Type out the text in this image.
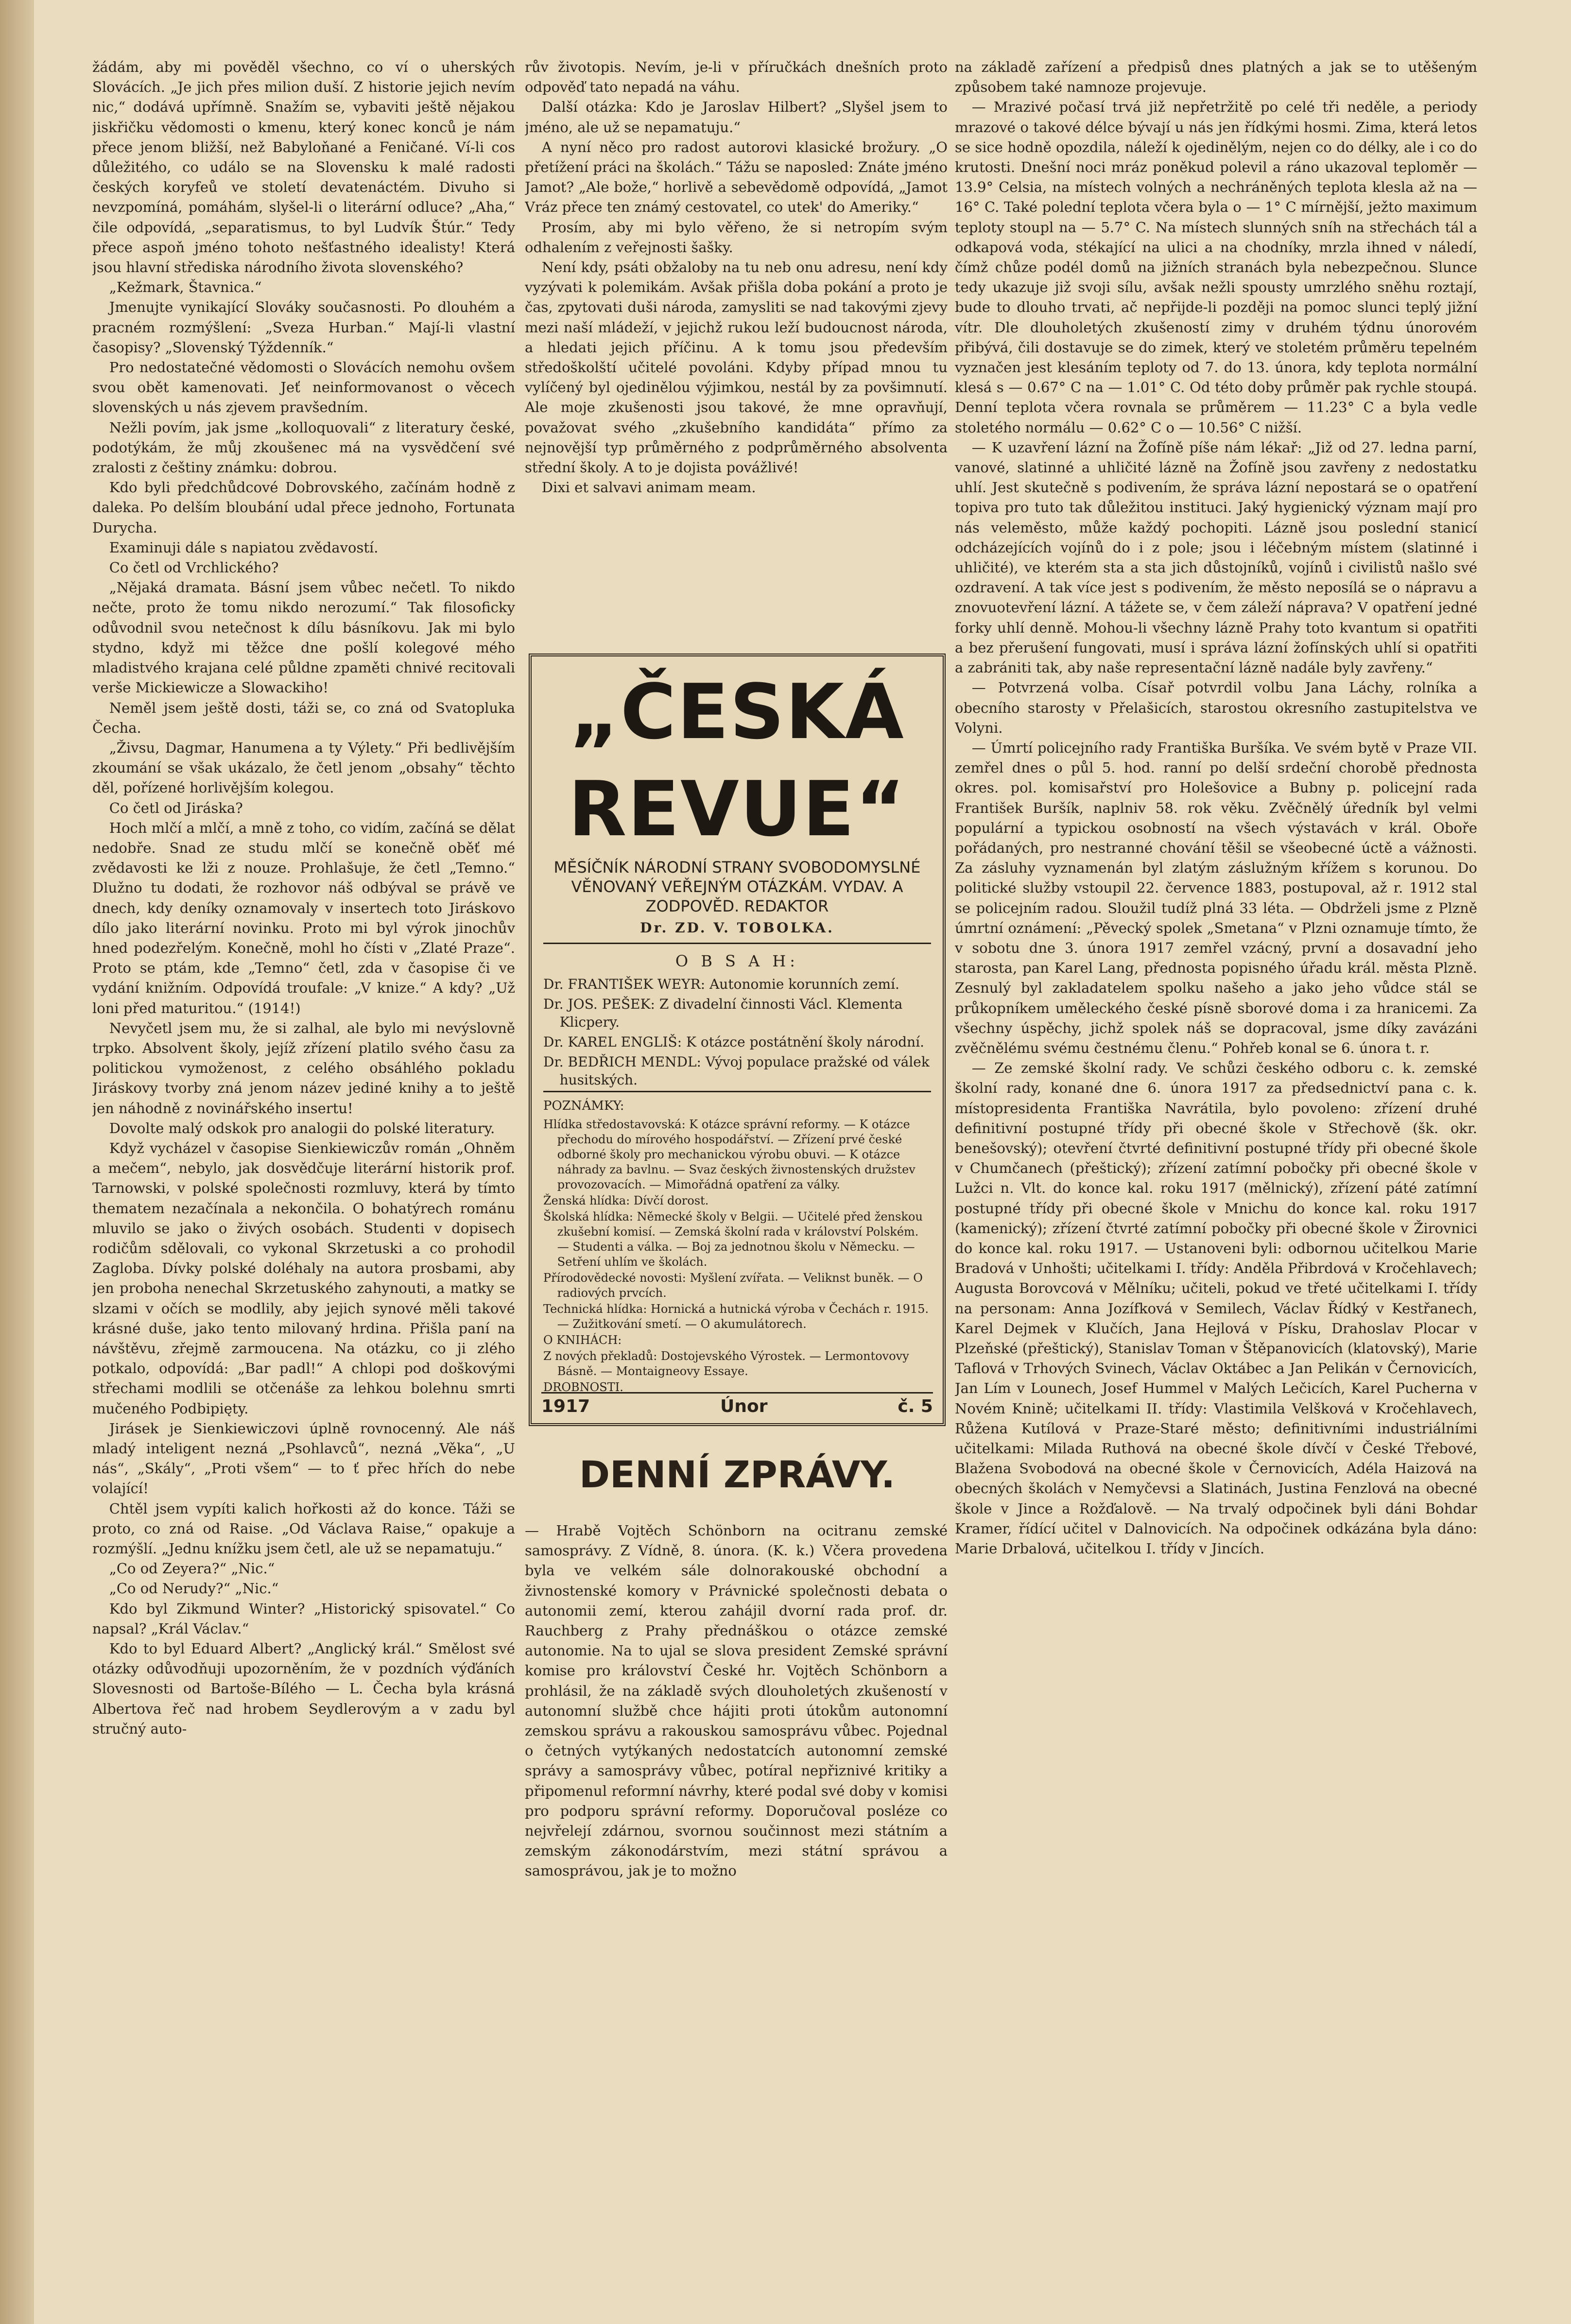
žádám, aby mi pověděl všechno, co ví o uherských Slovácích. „Je jich přes milion duší. Z historie jejich nevím nic,“ dodává upřímně. Snažím se, vybaviti ještě nějakou jiskřičku vědomosti o kmenu, který konec konců je nám přece jenom bližší, než Babyloňané a Feničané. Ví-li cos důležitého, co událo se na Slovensku k malé radosti českých koryfeů ve století devatenáctém. Divuho si nevzpomíná, pomáhám, slyšel-li o literární odluce? „Aha,“ čile odpovídá, „separatismus, to byl Ludvík Štúr.“ Tedy přece aspoň jméno tohoto nešťastného idealisty! Která jsou hlavní střediska národního života slovenského?

„Kežmark, Štavnica.“

Jmenujte vynikající Slováky současnosti. Po dlouhém a pracném rozmýšlení: „Sveza Hurban.“ Mají-li vlastní časopisy? „Slovenský Týždenník.“

Pro nedostatečné vědomosti o Slovácích nemohu ovšem svou obět kamenovati. Jeť neinformovanost o věcech slovenských u nás zjevem pravšedním.

Nežli povím, jak jsme „kolloquovali“ z literatury české, podotýkám, že můj zkoušenec má na vysvědčení své zralosti z češtiny známku: dobrou.

Kdo byli předchůdcové Dobrovského, začínám hodně z daleka. Po delším bloubání udal přece jednoho, Fortunata Durycha.

Examinuji dále s napiatou zvědavostí.

Co četl od Vrchlického?

„Nějaká dramata. Básní jsem vůbec nečetl. To nikdo nečte, proto že tomu nikdo nerozumí.“ Tak filosoficky odůvodnil svou netečnost k dílu básníkovu. Jak mi bylo stydno, když mi těžce dne pošlí kolegové mého mladistvého krajana celé půldne zpaměti chnivé recitovali verše Mickiewicze a Slowackiho!

Neměl jsem ještě dosti, táži se, co zná od Svatopluka Čecha.

„Živsu, Dagmar, Hanumena a ty Výlety.“ Při bedlivějším zkoumání se však ukázalo, že četl jenom „obsahy“ těchto děl, pořízené horlivějším kolegou.

Co četl od Jiráska?

Hoch mlčí a mlčí, a mně z toho, co vidím, začíná se dělat nedobře. Snad ze studu mlčí se konečně oběť mé zvědavosti ke lži z nouze. Prohlašuje, že četl „Temno.“ Dlužno tu dodati, že rozhovor náš odbýval se právě ve dnech, kdy deníky oznamovaly v insertech toto Jiráskovo dílo jako literární novinku. Proto mi byl výrok jinochův hned podezřelým. Konečně, mohl ho čísti v „Zlaté Praze“. Proto se ptám, kde „Temno“ četl, zda v časopise či ve vydání knižním. Odpovídá troufale: „V knize.“ A kdy? „Už loni před maturitou.“ (1914!)

Nevyčetl jsem mu, že si zalhal, ale bylo mi nevýslovně trpko. Absolvent školy, jejíž zřízení platilo svého času za politickou vymoženost, z celého obsáhlého pokladu Jiráskovy tvorby zná jenom název jediné knihy a to ještě jen náhodně z novinářského insertu!

Dovolte malý odskok pro analogii do polské literatury.

Když vycházel v časopise Sienkiewiczův román „Ohněm a mečem“, nebylo, jak dosvědčuje literární historik prof. Tarnowski, v polské společnosti rozmluvy, která by tímto thematem nezačínala a nekončila. O bohatýrech románu mluvilo se jako o živých osobách. Studenti v dopisech rodičům sdělovali, co vykonal Skrzetuski a co prohodil Zagloba. Dívky polské doléhaly na autora prosbami, aby jen proboha nenechal Skrzetuského zahynouti, a matky se slzami v očích se modlily, aby jejich synové měli takové krásné duše, jako tento milovaný hrdina. Přišla paní na návštěvu, zřejmě zarmoucena. Na otázku, co ji zlého potkalo, odpovídá: „Bar padl!“ A chlopi pod doškovými střechami modlili se otčenáše za lehkou bolehnu smrti mučeného Podbipięty.

Jirásek je Sienkiewiczovi úplně rovnocenný. Ale náš mladý inteligent nezná „Psohlavců“, nezná „Věka“, „U nás“, „Skály“, „Proti všem“ — to ť přec hřích do nebe volající!

Chtěl jsem vypíti kalich hořkosti až do konce. Táži se proto, co zná od Raise. „Od Václava Raise,“ opakuje a rozmýšlí. „Jednu knížku jsem četl, ale už se nepamatuju.“

„Co od Zeyera?“ „Nic.“

„Co od Nerudy?“ „Nic.“

Kdo byl Zikmund Winter? „Historický spisovatel.“ Co napsal? „Král Václav.“

Kdo to byl Eduard Albert? „Anglický král.“ Smělost své otázky odůvodňuji upozorněním, že v pozdních výďáních Slovesnosti od Bartoše-Bílého — L. Čecha byla krásná Albertova řeč nad hrobem Seydlerovým a v zadu byl stručný auto-

rův životopis. Nevím, je-li v příručkách dnešních proto odpověď tato nepadá na váhu.

Další otázka: Kdo je Jaroslav Hilbert? „Slyšel jsem to jméno, ale už se nepamatuju.“

A nyní něco pro radost autorovi klasické brožury. „O přetížení práci na školách.“ Tážu se naposled: Znáte jméno Jamot? „Ale bože,“ horlivě a sebevědomě odpovídá, „Jamot Vráz přece ten známý cestovatel, co utek' do Ameriky.“

Prosím, aby mi bylo věřeno, že si netropím svým odhalením z veřejnosti šašky.

Není kdy, psáti obžaloby na tu neb onu adresu, není kdy vyzývati k polemikám. Avšak přišla doba pokání a proto je čas, zpytovati duši národa, zamysliti se nad takovými zjevy mezi naší mládeží, v jejichž rukou leží budoucnost národa, a hledati jejich příčinu. A k tomu jsou především středoškolští učitelé povoláni. Kdyby případ mnou tu vylíčený byl ojedinělou výjimkou, nestál by za povšimnutí. Ale moje zkušenosti jsou takové, že mne opravňují, považovat svého „zkušebního kandidáta“ přímo za nejnovější typ průměrného z podprůměrného absolventa střední školy. A to je dojista povážlivé!

Dixi et salvavi animam meam.

„ČESKÁ REVUE“

MĚSÍČNÍK NÁRODNÍ STRANY SVOBODOMYSLNÉ VĚNOVANÝ VEŘEJNÝM OTÁZKÁM. VYDAV. A ZODPOVĚD. REDAKTOR

Dr. ZD. V. TOBOLKA.

O B S A H:

Dr. FRANTIŠEK WEYR: Autonomie korunních zemí.

Dr. JOS. PEŠEK: Z divadelní činnosti Václ. Klementa Klicpery.

Dr. KAREL ENGLIŠ: K otázce postátnění školy národní.

Dr. BEDŘICH MENDL: Vývoj populace pražské od válek husitských.

POZNÁMKY:

Hlídka středostavovská: K otázce správní reformy. — K otázce přechodu do mírového hospodářství. — Zřízení prvé české odborné školy pro mechanickou výrobu obuvi. — K otázce náhrady za bavlnu. — Svaz českých živnostenských družstev provozovacích. — Mimořádná opatření za války.

Ženská hlídka: Dívčí dorost.

Školská hlídka: Německé školy v Belgii. — Učitelé před ženskou zkušební komisí. — Zemská školní rada v království Polském. — Studenti a válka. — Boj za jednotnou školu v Německu. — Setření uhlím ve školách.

Přírodovědecké novosti: Myšlení zvířata. — Veliknst buněk. — O radiových prvcích.

Technická hlídka: Hornická a hutnická výroba v Čechách r. 1915. — Zužitkování smetí. — O akumulátorech.

O KNIHÁCH:

Z nových překladů: Dostojevského Výrostek. — Lermontovovy Básně. — Montaigneovy Essaye.

DROBNOSTI.

1917	Únor	č. 5

DENNÍ ZPRÁVY.

— Hrabě Vojtěch Schönborn na ocitranu zemské samosprávy. Z Vídně, 8. února. (K. k.) Včera provedena byla ve velkém sále dolnorakouské obchodní a živnostenské komory v Právnické společnosti debata o autonomii zemí, kterou zahájil dvorní rada prof. dr. Rauchberg z Prahy přednáškou o otázce zemské autonomie. Na to ujal se slova president Zemské správní komise pro království České hr. Vojtěch Schönborn a prohlásil, že na základě svých dlouholetých zkušeností v autonomní službě chce hájiti proti útokům autonomní zemskou správu a rakouskou samosprávu vůbec. Pojednal o četných vytýkaných nedostatcích autonomní zemské správy a samosprávy vůbec, potíral nepřiznivé kritiky a připomenul reformní návrhy, které podal své doby v komisi pro podporu správní reformy. Doporučoval posléze co nejvřelejí zdárnou, svornou součinnost mezi státním a zemským zákonodárstvím, mezi státní správou a samosprávou, jak je to možno

na základě zařízení a předpisů dnes platných a jak se to utěšeným způsobem také namnoze projevuje.

— Mrazivé počasí trvá již nepřetržitě po celé tři neděle, a periody mrazové o takové délce bývají u nás jen řídkými hosmi. Zima, která letos se sice hodně opozdila, náleží k ojedinělým, nejen co do délky, ale i co do krutosti. Dnešní noci mráz poněkud polevil a ráno ukazoval teploměr — 13.9° Celsia, na místech volných a nechráněných teplota klesla až na — 16° C. Také polední teplota včera byla o — 1° C mírnější, ježto maximum teploty stoupl na — 5.7° C. Na místech slunných sníh na střechách tál a odkapová voda, stékající na ulici a na chodníky, mrzla ihned v náledí, čímž chůze podél domů na jižních stranách byla nebezpečnou. Slunce tedy ukazuje již svoji sílu, avšak nežli spousty umrzlého sněhu roztají, bude to dlouho trvati, ač nepřijde-li později na pomoc slunci teplý jižní vítr. Dle dlouholetých zkušeností zimy v druhém týdnu únorovém přibývá, čili dostavuje se do zimek, který ve stoletém průměru tepelném vyznačen jest klesáním teploty od 7. do 13. února, kdy teplota normální klesá s — 0.67° C na — 1.01° C. Od této doby průměr pak rychle stoupá. Denní teplota včera rovnala se průměrem — 11.23° C a byla vedle stoletého normálu — 0.62° C o — 10.56° C nižší.

— K uzavření lázní na Žofíně píše nám lékař: „Již od 27. ledna parní, vanové, slatinné a uhličité lázně na Žofíně jsou zavřeny z nedostatku uhlí. Jest skutečně s podivením, že správa lázní nepostará se o opatření topiva pro tuto tak důležitou instituci. Jaký hygienický význam mají pro nás veleměsto, může každý pochopiti. Lázně jsou poslední stanicí odcházejících vojínů do i z pole; jsou i léčebným místem (slatinné i uhličité), ve kterém sta a sta jich důstojníků, vojínů i civilistů našlo své ozdravení. A tak více jest s podivením, že město neposílá se o nápravu a znovuotevření lázní. A tážete se, v čem záleží náprava? V opatření jedné forky uhlí denně. Mohou-li všechny lázně Prahy toto kvantum si opatřiti a bez přerušení fungovati, musí i správa lázní žofínských uhlí si opatřiti a zabrániti tak, aby naše representační lázně nadále byly zavřeny.“

— Potvrzená volba. Císař potvrdil volbu Jana Láchy, rolníka a obecního starosty v Přelašicích, starostou okresního zastupitelstva ve Volyni.

— Úmrtí policejního rady Františka Buršíka. Ve svém bytě v Praze VII. zemřel dnes o půl 5. hod. ranní po delší srdeční chorobě přednosta okres. pol. komisařství pro Holešovice a Bubny p. policejní rada František Buršík, naplniv 58. rok věku. Zvěčnělý úředník byl velmi populární a typickou osobností na všech výstavách v král. Oboře pořádaných, pro nestranné chování těšil se všeobecné úctě a vážnosti. Za zásluhy vyznamenán byl zlatým záslužným křížem s korunou. Do politické služby vstoupil 22. července 1883, postupoval, až r. 1912 stal se policejním radou. Sloužil tudíž plná 33 léta. — Obdrželi jsme z Plzně úmrtní oznámení: „Pěvecký spolek „Smetana“ v Plzni oznamuje tímto, že v sobotu dne 3. února 1917 zemřel vzácný, první a dosavadní jeho starosta, pan Karel Lang, přednosta popisného úřadu král. města Plzně. Zesnulý byl zakladatelem spolku našeho a jako jeho vůdce stál se průkopníkem uměleckého české písně sborové doma i za hranicemi. Za všechny úspěchy, jichž spolek náš se dopracoval, jsme díky zavázáni zvěčnělému svému čestnému členu.“ Pohřeb konal se 6. února t. r.

— Ze zemské školní rady. Ve schůzi českého odboru c. k. zemské školní rady, konané dne 6. února 1917 za předsednictví pana c. k. místopresidenta Františka Navrátila, bylo povoleno: zřízení druhé definitivní postupné třídy při obecné škole v Střechově (šk. okr. benešovský); otevření čtvrté definitivní postupné třídy při obecné škole v Chumčanech (přeštický); zřízení zatímní pobočky při obecné škole v Lužci n. Vlt. do konce kal. roku 1917 (mělnický), zřízení páté zatímní postupné třídy při obecné škole v Mnichu do konce kal. roku 1917 (kamenický); zřízení čtvrté zatímní pobočky při obecné škole v Žirovnici do konce kal. roku 1917. — Ustanoveni byli: odbornou učitelkou Marie Bradová v Unhošti; učitelkami I. třídy: Anděla Přibrdová v Kročehlavech; Augusta Borovcová v Mělníku; učiteli, pokud ve třeté učitelkami I. třídy na personam: Anna Jozífková v Semilech, Václav Řídký v Kestřanech, Karel Dejmek v Klučích, Jana Hejlová v Písku, Drahoslav Plocar v Plzeňské (přeštický), Stanislav Toman v Štěpanovicích (klatovský), Marie Taflová v Trhových Svinech, Václav Oktábec a Jan Pelikán v Černovicích, Jan Lím v Lounech, Josef Hummel v Malých Lečicích, Karel Pucherna v Novém Knině; učitelkami II. třídy: Vlastimila Velšková v Kročehlavech, Růžena Kutílová v Praze-Staré město; definitivními industriálními učitelkami: Milada Ruthová na obecné škole dívčí v České Třebové, Blažena Svobodová na obecné škole v Černovicích, Adéla Haizová na obecných školách v Nemyčevsi a Slatinách, Justina Fenzlová na obecné škole v Jince a Rožďalově. — Na trvalý odpočinek byli dáni Bohdar Kramer, řídící učitel v Dalnovicích. Na odpočinek odkázána byla dáno: Marie Drbalová, učitelkou I. třídy v Jincích.
